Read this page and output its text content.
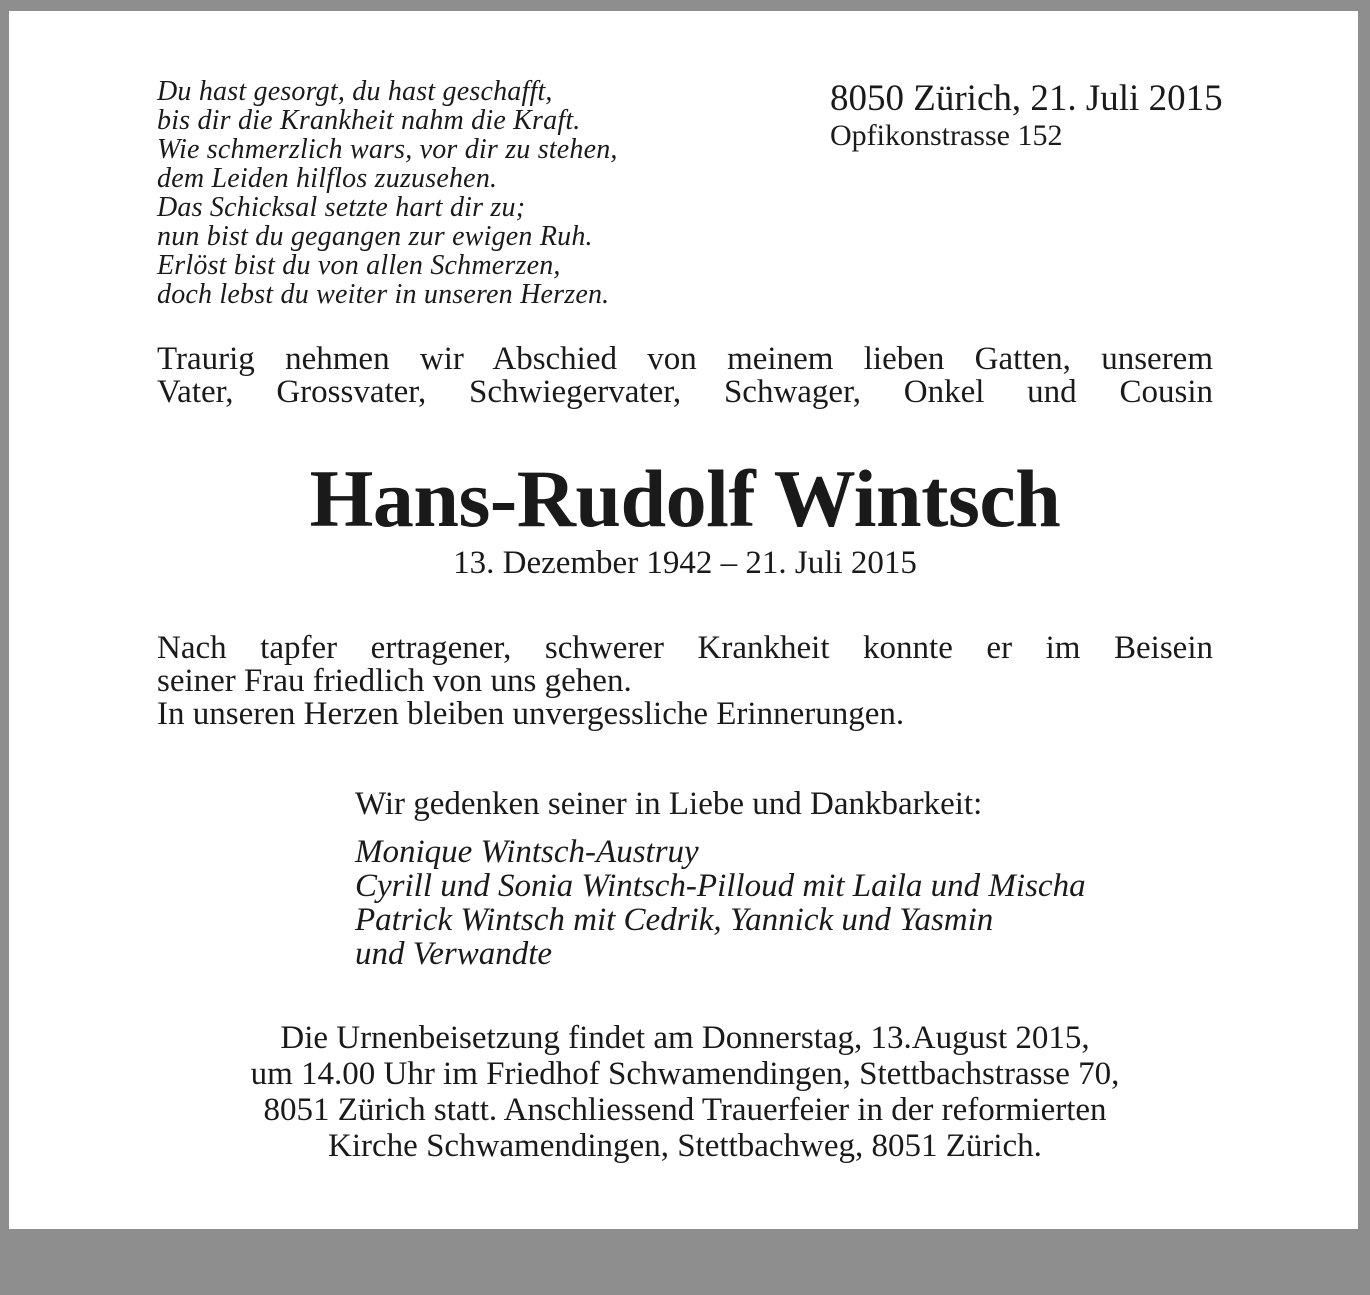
Du hast gesorgt, du hast geschafft,
bis dir die Krankheit nahm die Kraft.
Wie schmerzlich wars, vor dir zu stehen,
dem Leiden hilflos zuzusehen.
Das Schicksal setzte hart dir zu;
nun bist du gegangen zur ewigen Ruh.
Erlöst bist du von allen Schmerzen,
doch lebst du weiter in unseren Herzen.
8050 Zürich, 21. Juli 2015
Opfikonstrasse 152
Traurig nehmen wir Abschied von meinem lieben Gatten, unserem
Vater, Grossvater, Schwiegervater, Schwager, Onkel und Cousin
Hans-Rudolf Wintsch
13. Dezember 1942 – 21. Juli 2015
Nach tapfer ertragener, schwerer Krankheit konnte er im Beisein
seiner Frau friedlich von uns gehen.
In unseren Herzen bleiben unvergessliche Erinnerungen.
Wir gedenken seiner in Liebe und Dankbarkeit:
Monique Wintsch-Austruy
Cyrill und Sonia Wintsch-Pilloud mit Laila und Mischa
Patrick Wintsch mit Cedrik, Yannick und Yasmin
und Verwandte
Die Urnenbeisetzung findet am Donnerstag, 13.August 2015,
um 14.00 Uhr im Friedhof Schwamendingen, Stettbachstrasse 70,
8051 Zürich statt. Anschliessend Trauerfeier in der reformierten
Kirche Schwamendingen, Stettbachweg, 8051 Zürich.
